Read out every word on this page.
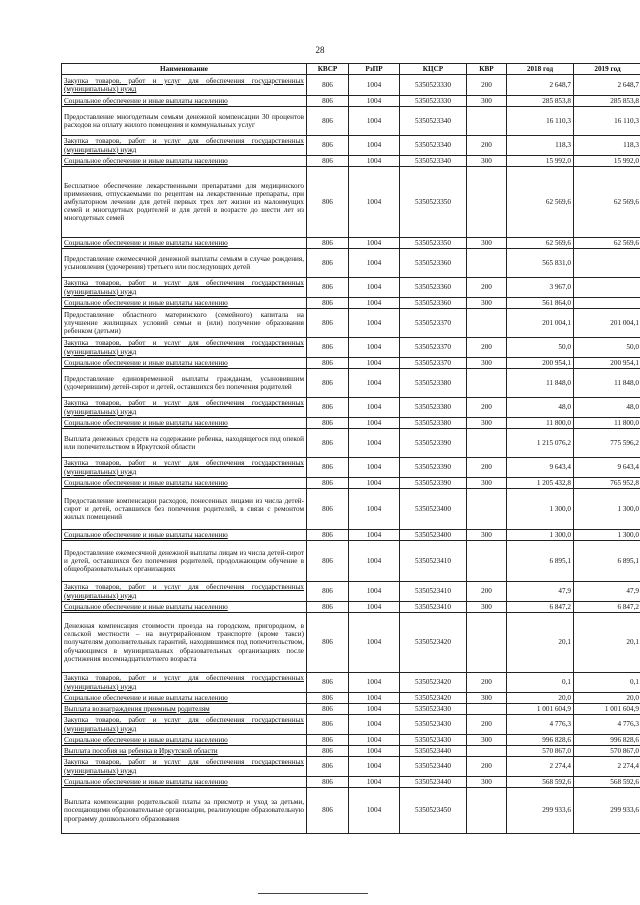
28
Наименование	КВСР	РзПР	КЦСР	КВР	2018 год	2019 год
Закупка товаров, работ и услуг для обеспечения государственных (муниципальных) нужд	806	1004	5350523330	200	2 648,7	2 648,7
Социальное обеспечение и иные выплаты населению	806	1004	5350523330	300	285 853,8	285 853,8
Предоставление многодетным семьям денежной компенсации 30 процентов расходов на оплату жилого помещения и коммунальных услуг	806	1004	5350523340		16 110,3	16 110,3
Закупка товаров, работ и услуг для обеспечения государственных (муниципальных) нужд	806	1004	5350523340	200	118,3	118,3
Социальное обеспечение и иные выплаты населению	806	1004	5350523340	300	15 992,0	15 992,0
Бесплатное обеспечение лекарственными препаратами для медицинского применения, отпускаемыми по рецептам на лекарственные препараты, при амбулаторном лечении для детей первых трех лет жизни из малоимущих семей и многодетных родителей и для детей в возрасте до шести лет из многодетных семей	806	1004	5350523350		62 569,6	62 569,6
Социальное обеспечение и иные выплаты населению	806	1004	5350523350	300	62 569,6	62 569,6
Предоставление ежемесячной денежной выплаты семьям в случае рождения, усыновления (удочерения) третьего или последующих детей	806	1004	5350523360		565 831,0	
Закупка товаров, работ и услуг для обеспечения государственных (муниципальных) нужд	806	1004	5350523360	200	3 967,0	
Социальное обеспечение и иные выплаты населению	806	1004	5350523360	300	561 864,0	
Предоставление областного материнского (семейного) капитала на улучшение жилищных условий семьи и (или) получение образования ребенком (детьми)	806	1004	5350523370		201 004,1	201 004,1
Закупка товаров, работ и услуг для обеспечения государственных (муниципальных) нужд	806	1004	5350523370	200	50,0	50,0
Социальное обеспечение и иные выплаты населению	806	1004	5350523370	300	200 954,1	200 954,1
Предоставление единовременной выплаты гражданам, усыновившим (удочерившим) детей-сирот и детей, оставшихся без попечения родителей	806	1004	5350523380		11 848,0	11 848,0
Закупка товаров, работ и услуг для обеспечения государственных (муниципальных) нужд	806	1004	5350523380	200	48,0	48,0
Социальное обеспечение и иные выплаты населению	806	1004	5350523380	300	11 800,0	11 800,0
Выплата денежных средств на содержание ребенка, находящегося под опекой или попечительством в Иркутской области	806	1004	5350523390		1 215 076,2	775 596,2
Закупка товаров, работ и услуг для обеспечения государственных (муниципальных) нужд	806	1004	5350523390	200	9 643,4	9 643,4
Социальное обеспечение и иные выплаты населению	806	1004	5350523390	300	1 205 432,8	765 952,8
Предоставление компенсации расходов, понесенных лицами из числа детей-сирот и детей, оставшихся без попечения родителей, в связи с ремонтом жилых помещений	806	1004	5350523400		1 300,0	1 300,0
Социальное обеспечение и иные выплаты населению	806	1004	5350523400	300	1 300,0	1 300,0
Предоставление ежемесячной денежной выплаты лицам из числа детей-сирот и детей, оставшихся без попечения родителей, продолжающим обучение в общеобразовательных организациях	806	1004	5350523410		6 895,1	6 895,1
Закупка товаров, работ и услуг для обеспечения государственных (муниципальных) нужд	806	1004	5350523410	200	47,9	47,9
Социальное обеспечение и иные выплаты населению	806	1004	5350523410	300	6 847,2	6 847,2
Денежная компенсация стоимости проезда на городском, пригородном, в сельской местности – на внутрирайонном транспорте (кроме такси) получателям дополнительных гарантий, находившимся под попечительством, обучающимся в муниципальных образовательных организациях после достижения восемнадцатилетнего возраста	806	1004	5350523420		20,1	20,1
Закупка товаров, работ и услуг для обеспечения государственных (муниципальных) нужд	806	1004	5350523420	200	0,1	0,1
Социальное обеспечение и иные выплаты населению	806	1004	5350523420	300	20,0	20,0
Выплата вознаграждения приемным родителям	806	1004	5350523430		1 001 604,9	1 001 604,9
Закупка товаров, работ и услуг для обеспечения государственных (муниципальных) нужд	806	1004	5350523430	200	4 776,3	4 776,3
Социальное обеспечение и иные выплаты населению	806	1004	5350523430	300	996 828,6	996 828,6
Выплата пособия на ребенка в Иркутской области	806	1004	5350523440		570 867,0	570 867,0
Закупка товаров, работ и услуг для обеспечения государственных (муниципальных) нужд	806	1004	5350523440	200	2 274,4	2 274,4
Социальное обеспечение и иные выплаты населению	806	1004	5350523440	300	568 592,6	568 592,6
Выплата компенсации родительской платы за присмотр и уход за детьми, посещающими образовательные организации, реализующие образовательную программу дошкольного образования	806	1004	5350523450		299 933,6	299 933,6
